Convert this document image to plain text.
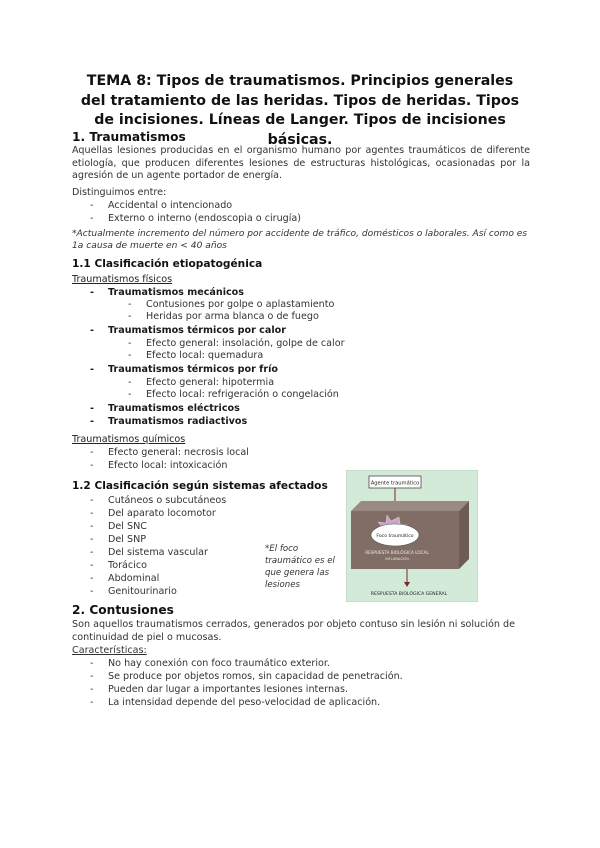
TEMA 8: Tipos de traumatismos. Principios generales del tratamiento de las heridas. Tipos de heridas. Tipos de incisiones. Líneas de Langer. Tipos de incisiones básicas.
1. Traumatismos
Aquellas lesiones producidas en el organismo humano por agentes traumáticos de diferente etiología, que producen diferentes lesiones de estructuras histológicas, ocasionadas por la agresión de un agente portador de energía.
Distinguimos entre:
- Accidental o intencionado
- Externo o interno (endoscopia o cirugía)
*Actualmente incremento del número por accidente de tráfico, domésticos o laborales. Así como es 1a causa de muerte en < 40 años
1.1 Clasificación etiopatogénica
Traumatismos físicos
- Traumatismos mecánicos
- Contusiones por golpe o aplastamiento
- Heridas por arma blanca o de fuego
- Traumatismos térmicos por calor
- Efecto general: insolación, golpe de calor
- Efecto local: quemadura
- Traumatismos térmicos por frío
- Efecto general: hipotermia
- Efecto local: refrigeración o congelación
- Traumatismos eléctricos
- Traumatismos radiactivos
Traumatismos químicos
- Efecto general: necrosis local
- Efecto local: intoxicación
1.2 Clasificación según sistemas afectados
- Cutáneos o subcutáneos
- Del aparato locomotor
- Del SNC
- Del SNP
- Del sistema vascular
- Torácico
- Abdominal
- Genitourinario
*El foco
traumático es el
que genera las
lesiones
Agente traumático
Foco traumático
RESPUESTA BIOLÓGICA LOCAL
INFLAMACIÓN
RESPUESTA BIOLÓGICA GENERAL
2. Contusiones
Son aquellos traumatismos cerrados, generados por objeto contuso sin lesión ni solución de continuidad de piel o mucosas.
Características:
- No hay conexión con foco traumático exterior.
- Se produce por objetos romos, sin capacidad de penetración.
- Pueden dar lugar a importantes lesiones internas.
- La intensidad depende del peso-velocidad de aplicación.
